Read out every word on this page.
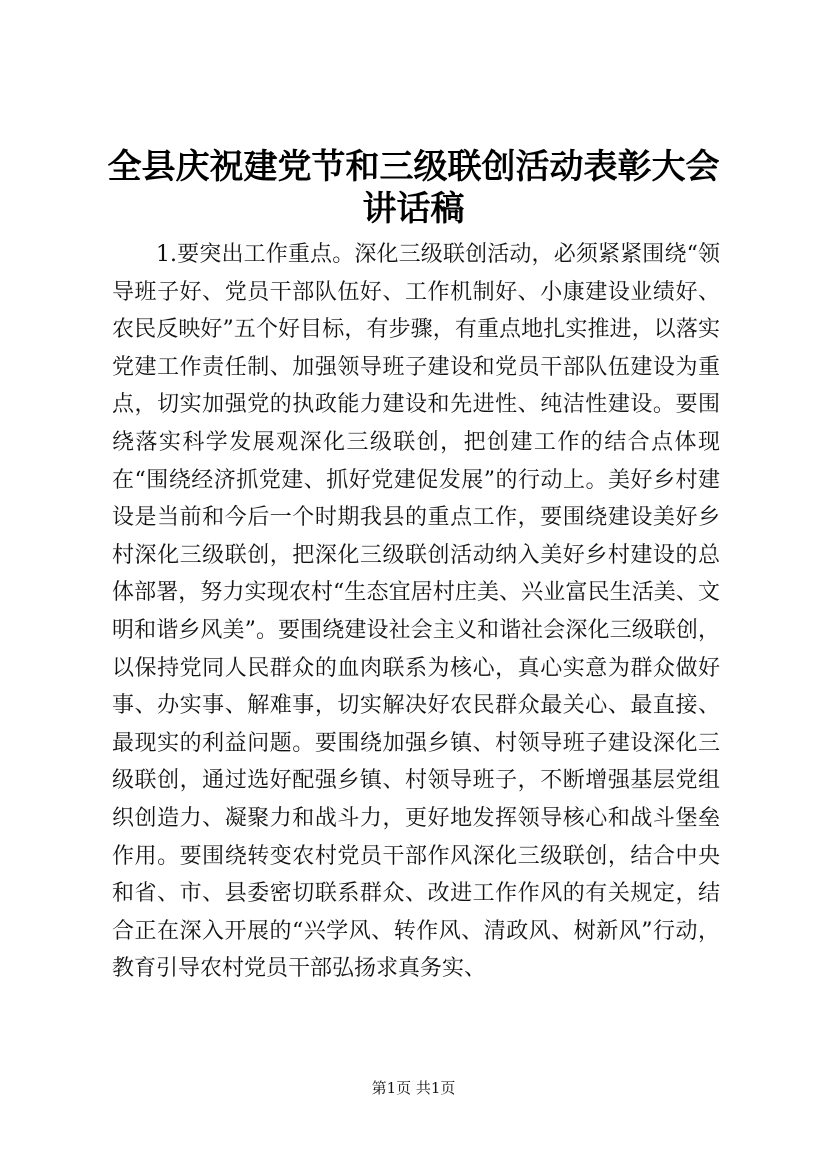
全县庆祝建党节和三级联创活动表彰大会讲话稿

1.要突出工作重点。深化三级联创活动，必须紧紧围绕“领导班子好、党员干部队伍好、工作机制好、小康建设业绩好、农民反映好”五个好目标，有步骤，有重点地扎实推进，以落实党建工作责任制、加强领导班子建设和党员干部队伍建设为重点，切实加强党的执政能力建设和先进性、纯洁性建设。要围绕落实科学发展观深化三级联创，把创建工作的结合点体现在“围绕经济抓党建、抓好党建促发展”的行动上。美好乡村建设是当前和今后一个时期我县的重点工作，要围绕建设美好乡村深化三级联创，把深化三级联创活动纳入美好乡村建设的总体部署，努力实现农村“生态宜居村庄美、兴业富民生活美、文明和谐乡风美”。要围绕建设社会主义和谐社会深化三级联创，以保持党同人民群众的血肉联系为核心，真心实意为群众做好事、办实事、解难事，切实解决好农民群众最关心、最直接、最现实的利益问题。要围绕加强乡镇、村领导班子建设深化三级联创，通过选好配强乡镇、村领导班子，不断增强基层党组织创造力、凝聚力和战斗力，更好地发挥领导核心和战斗堡垒作用。要围绕转变农村党员干部作风深化三级联创，结合中央和省、市、县委密切联系群众、改进工作作风的有关规定，结合正在深入开展的“兴学风、转作风、清政风、树新风”行动，教育引导农村党员干部弘扬求真务实、

第1页 共1页
